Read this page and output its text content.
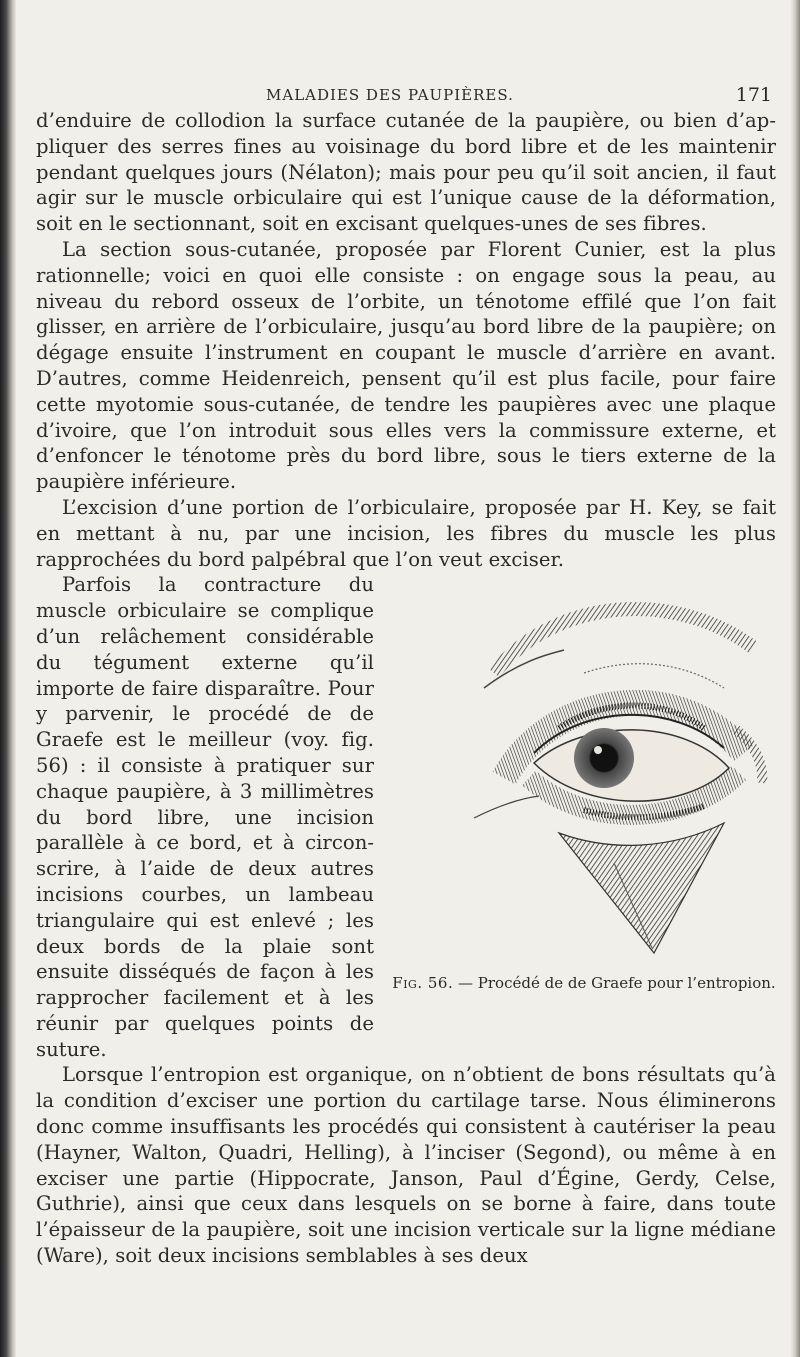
MALADIES DES PAUPIÈRES.	171

d’enduire de collodion la surface cutanée de la paupière, ou bien d’appliquer des serres fines au voisinage du bord libre et de les maintenir pendant quelques jours (Nélaton); mais pour peu qu’il soit ancien, il faut agir sur le muscle orbiculaire qui est l’unique cause de la déformation, soit en le sectionnant, soit en excisant quelques-unes de ses fibres.

La section sous-cutanée, proposée par Florent Cunier, est la plus rationnelle; voici en quoi elle consiste : on engage sous la peau, au niveau du rebord osseux de l’orbite, un ténotome effilé que l’on fait glisser, en arrière de l’orbiculaire, jusqu’au bord libre de la paupière; on dégage ensuite l’instrument en coupant le muscle d’arrière en avant. D’autres, comme Heidenreich, pensent qu’il est plus facile, pour faire cette myotomie sous-cutanée, de tendre les paupières avec une plaque d’ivoire, que l’on introduit sous elles vers la commissure externe, et d’enfoncer le ténotome près du bord libre, sous le tiers externe de la paupière inférieure.

L’excision d’une portion de l’orbiculaire, proposée par H. Key, se fait en mettant à nu, par une incision, les fibres du muscle les plus rapprochées du bord palpébral que l’on veut exciser.

Fig. 56. — Procédé de de Graefe pour l’entropion.

Parfois la contracture du muscle orbiculaire se complique d’un relâchement considérable du tégument externe qu’il importe de faire disparaître. Pour y parvenir, le procédé de de Graefe est le meilleur (voy. fig. 56) : il consiste à pratiquer sur chaque paupière, à 3 millimètres du bord libre, une incision parallèle à ce bord, et à circonscrire, à l’aide de deux autres incisions courbes, un lambeau triangulaire qui est enlevé ; les deux bords de la plaie sont ensuite disséqués de façon à les rapprocher facilement et à les réunir par quelques points de suture.

Lorsque l’entropion est organique, on n’obtient de bons résultats qu’à la condition d’exciser une portion du cartilage tarse. Nous éliminerons donc comme insuffisants les procédés qui consistent à cautériser la peau (Hayner, Walton, Quadri, Helling), à l’inciser (Segond), ou même à en exciser une partie (Hippocrate, Janson, Paul d’Égine, Gerdy, Celse, Guthrie), ainsi que ceux dans lesquels on se borne à faire, dans toute l’épaisseur de la paupière, soit une incision verticale sur la ligne médiane (Ware), soit deux incisions semblables à ses deux
